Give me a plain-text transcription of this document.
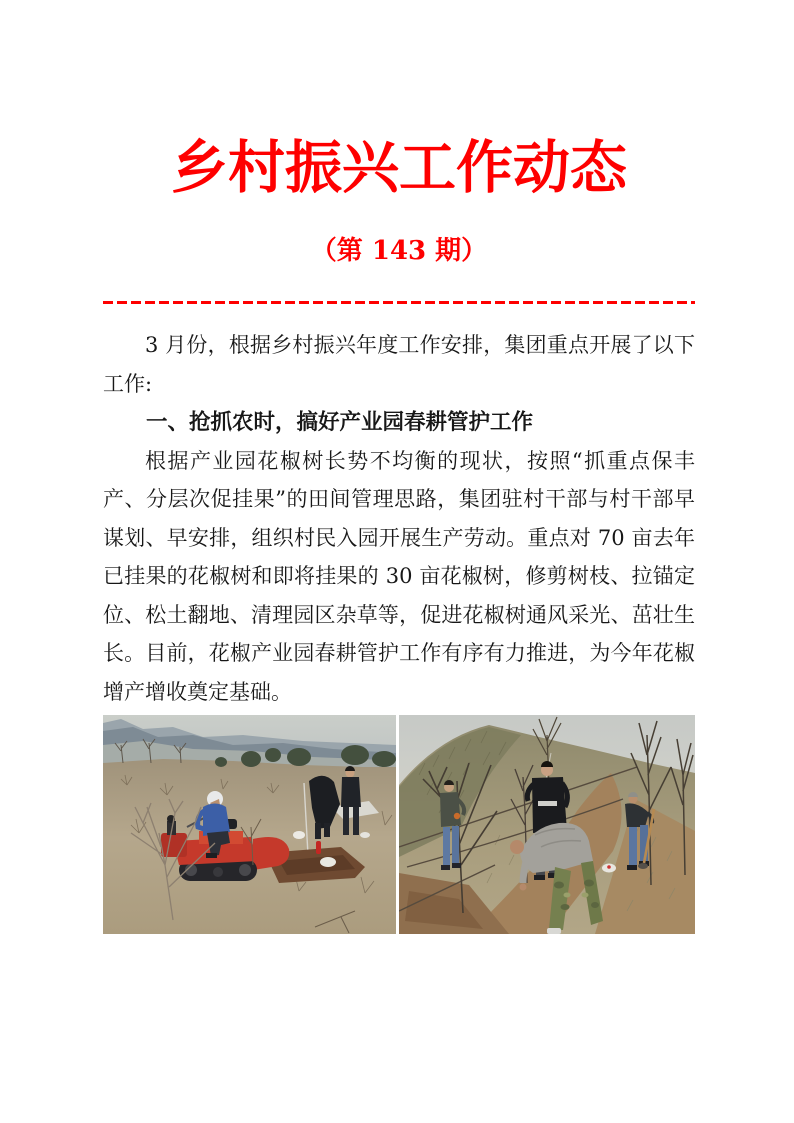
乡村振兴工作动态
（第 143 期）

3 月份，根据乡村振兴年度工作安排，集团重点开展了以下工作:

一、抢抓农时，搞好产业园春耕管护工作

根据产业园花椒树长势不均衡的现状，按照“抓重点保丰产、分层次促挂果”的田间管理思路，集团驻村干部与村干部早谋划、早安排，组织村民入园开展生产劳动。重点对 70 亩去年已挂果的花椒树和即将挂果的 30 亩花椒树，修剪树枝、拉锚定位、松土翻地、清理园区杂草等，促进花椒树通风采光、茁壮生长。目前，花椒产业园春耕管护工作有序有力推进，为今年花椒增产增收奠定基础。
